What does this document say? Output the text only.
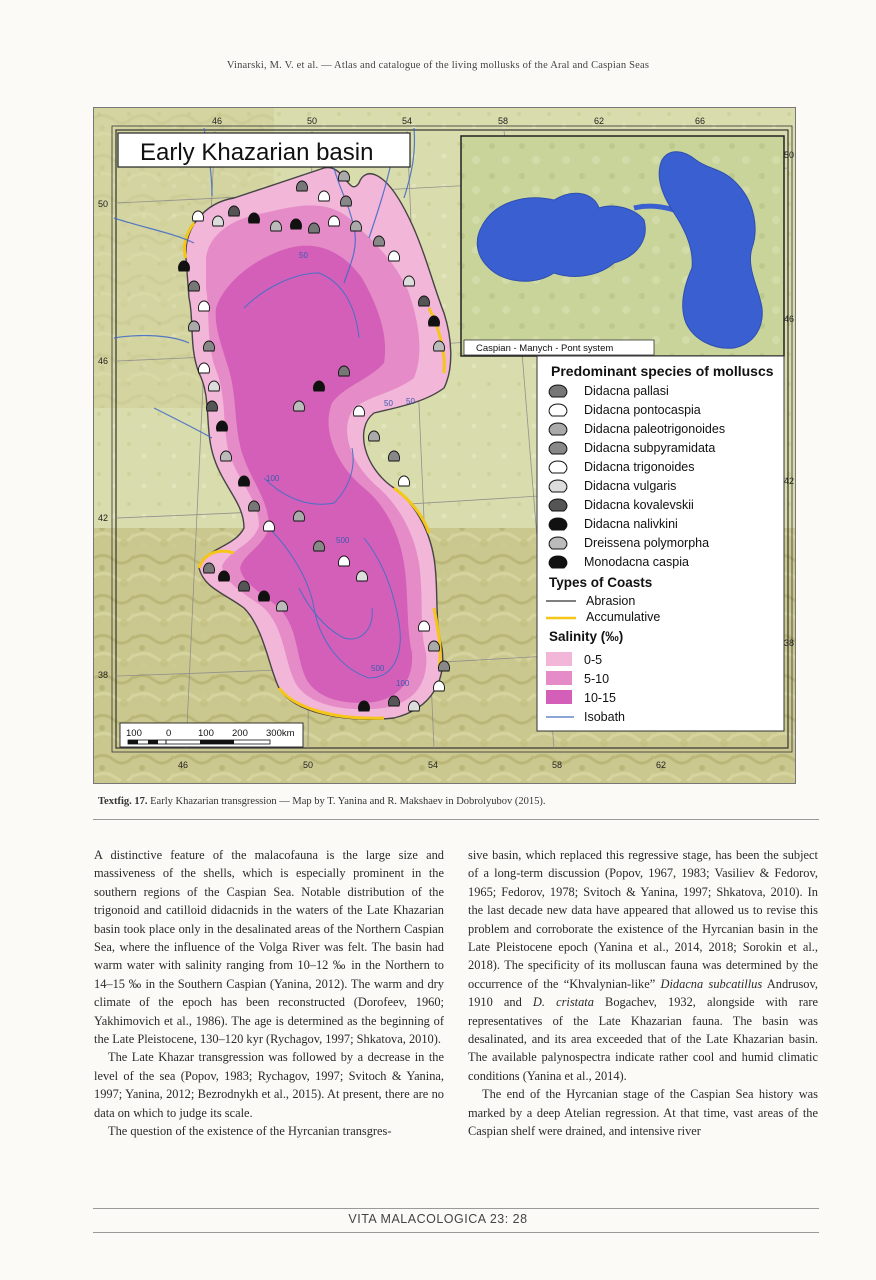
Vinarski, M. V. et al. — Atlas and catalogue of the living mollusks of the Aral and Caspian Seas
46	50	54	58	62	66
46	50	54	58	62
50
46
42
38
50
46
42
38
50
50
100
500
500
100
50
Early Khazarian basin
Caspian - Manych - Pont system
Predominant species of molluscs
Didacna pallasi
Didacna pontocaspia
Didacna paleotrigonoides
Didacna subpyramidata
Didacna trigonoides
Didacna vulgaris
Didacna kovalevskii
Didacna nalivkini
Dreissena polymorpha
Monodacna caspia
Types of Coasts
Abrasion
Accumulative
Salinity (‰)
0-5
5-10
10-15
Isobath
100	0	100 200 300km
Textfig. 17. Early Khazarian transgression — Map by T. Yanina and R. Makshaev in Dobrolyubov (2015).

A distinctive feature of the malacofauna is the large size and massiveness of the shells, which is especially prominent in the southern regions of the Caspian Sea. Notable distribution of the trigonoid and catilloid didacnids in the waters of the Late Khazarian basin took place only in the desalinated areas of the Northern Caspian Sea, where the influence of the Volga River was felt. The basin had warm water with salinity ranging from 10–12 ‰ in the Northern to 14–15 ‰ in the Southern Caspian (Yanina, 2012). The warm and dry climate of the epoch has been reconstructed (Dorofeev, 1960; Yakhimovich et al., 1986). The age is determined as the beginning of the Late Pleistocene, 130–120 kyr (Rychagov, 1997; Shkatova, 2010).

The Late Khazar transgression was followed by a decrease in the level of the sea (Popov, 1983; Rychagov, 1997; Svitoch & Yanina, 1997; Yanina, 2012; Bezrodnykh et al., 2015). At present, there are no data on which to judge its scale.

The question of the existence of the Hyrcanian transgres-

sive basin, which replaced this regressive stage, has been the subject of a long-term discussion (Popov, 1967, 1983; Vasiliev & Fedorov, 1965; Fedorov, 1978; Svitoch & Yanina, 1997; Shkatova, 2010). In the last decade new data have appeared that allowed us to revise this problem and corroborate the existence of the Hyrcanian basin in the Late Pleistocene epoch (Yanina et al., 2014, 2018; Sorokin et al., 2018). The specificity of its molluscan fauna was determined by the occurrence of the “Khvalynian-like” Didacna subcatillus Andrusov, 1910 and D. cristata Bogachev, 1932, alongside with rare representatives of the Late Khazarian fauna. The basin was desalinated, and its area exceeded that of the Late Khazarian basin. The available palynospectra indicate rather cool and humid climatic conditions (Yanina et al., 2014).

The end of the Hyrcanian stage of the Caspian Sea history was marked by a deep Atelian regression. At that time, vast areas of the Caspian shelf were drained, and intensive river

VITA MALACOLOGICA 23: 28
